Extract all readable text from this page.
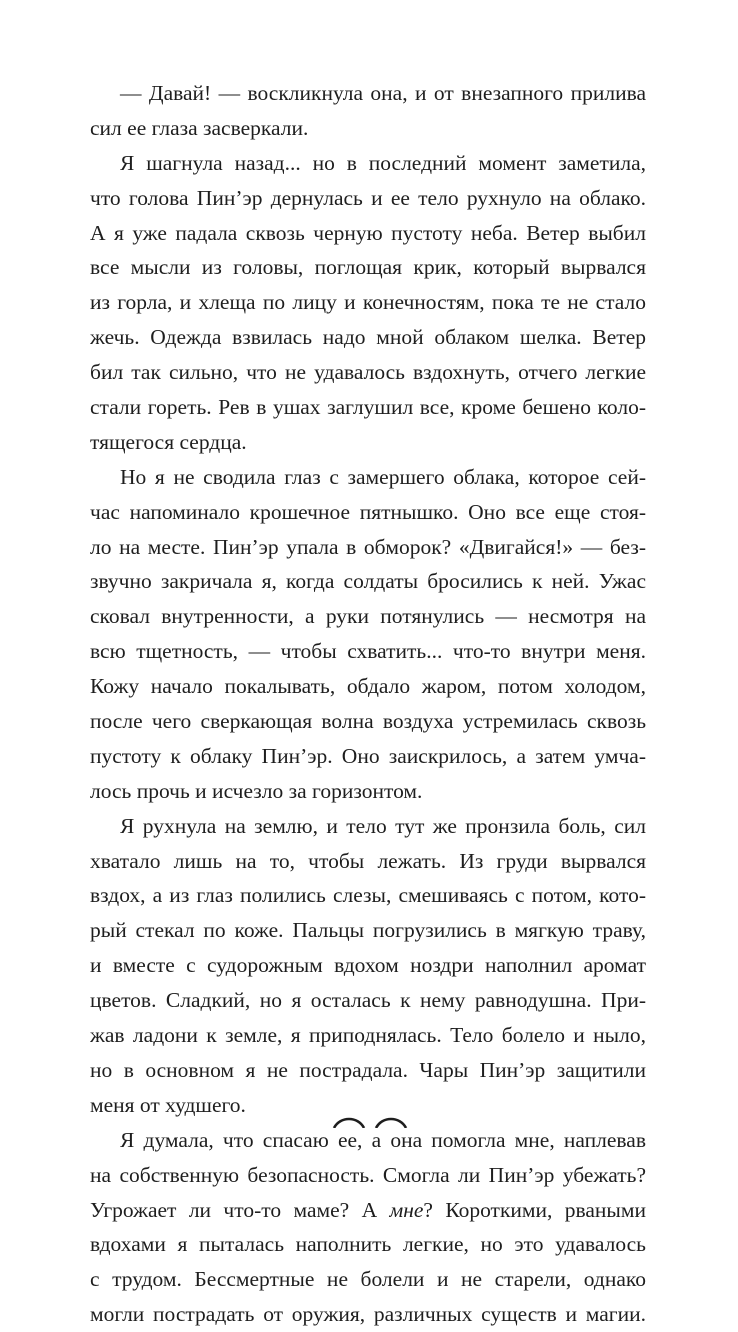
— Давай! — воскликнула она, и от внезапного прилива
сил ее глаза засверкали.
Я шагнула назад... но в последний момент заметила,
что голова Пин’эр дернулась и ее тело рухнуло на облако.
А я уже падала сквозь черную пустоту неба. Ветер выбил
все мысли из головы, поглощая крик, который вырвался
из горла, и хлеща по лицу и конечностям, пока те не стало
жечь. Одежда взвилась надо мной облаком шелка. Ветер
бил так сильно, что не удавалось вздохнуть, отчего легкие
стали гореть. Рев в ушах заглушил все, кроме бешено коло-
тящегося сердца.
Но я не сводила глаз с замершего облака, которое сей-
час напоминало крошечное пятнышко. Оно все еще стоя-
ло на месте. Пин’эр упала в обморок? «Двигайся!» — без-
звучно закричала я, когда солдаты бросились к ней. Ужас
сковал внутренности, а руки потянулись — несмотря на
всю тщетность, — чтобы схватить... что-то внутри меня.
Кожу начало покалывать, обдало жаром, потом холодом,
после чего сверкающая волна воздуха устремилась сквозь
пустоту к облаку Пин’эр. Оно заискрилось, а затем умча-
лось прочь и исчезло за горизонтом.
Я рухнула на землю, и тело тут же пронзила боль, сил
хватало лишь на то, чтобы лежать. Из груди вырвался
вздох, а из глаз полились слезы, смешиваясь с потом, кото-
рый стекал по коже. Пальцы погрузились в мягкую траву,
и вместе с судорожным вдохом ноздри наполнил аромат
цветов. Сладкий, но я осталась к нему равнодушна. При-
жав ладони к земле, я приподнялась. Тело болело и ныло,
но в основном я не пострадала. Чары Пин’эр защитили
меня от худшего.
Я думала, что спасаю ее, а она помогла мне, наплевав
на собственную безопасность. Смогла ли Пин’эр убежать?
Угрожает ли что-то маме? А мне? Короткими, рваными
вдохами я пыталась наполнить легкие, но это удавалось
с трудом. Бессмертные не болели и не старели, однако
могли пострадать от оружия, различных существ и магии.
